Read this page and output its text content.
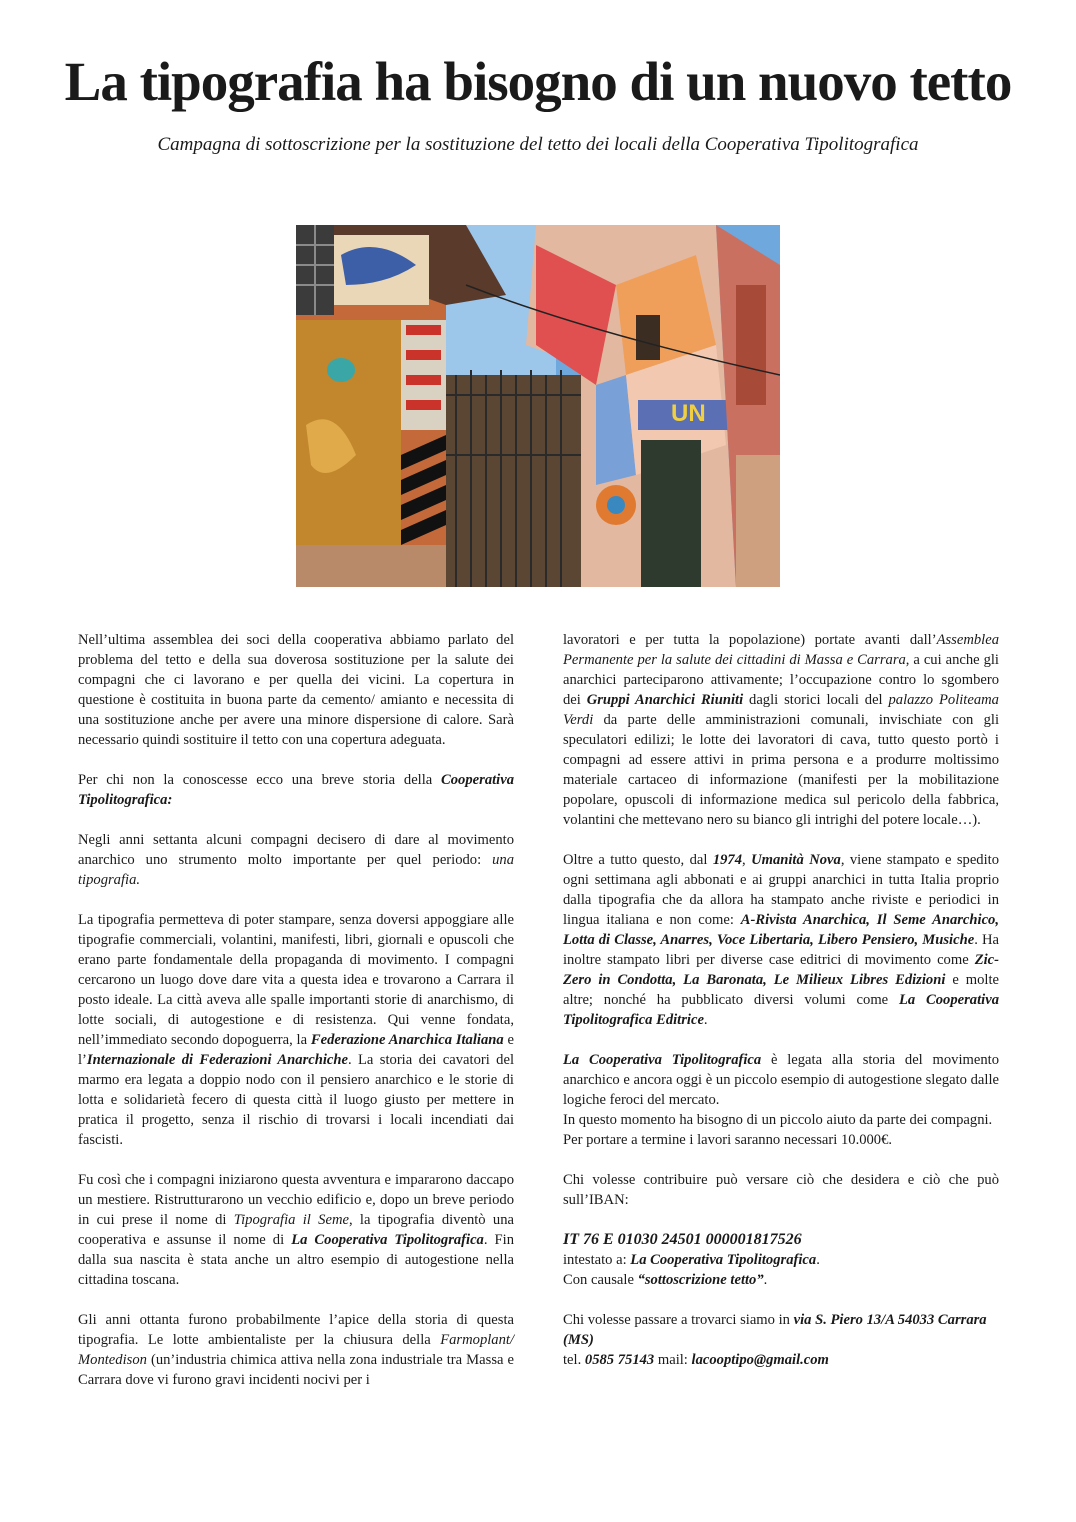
La tipografia ha bisogno di un nuovo tetto

Campagna di sottoscrizione per la sostituzione del tetto dei locali della Cooperativa Tipolitografica

UN

Nell’ultima assemblea dei soci della cooperativa abbiamo parlato del problema del tetto e della sua doverosa sostituzione per la salute dei compagni che ci lavorano e per quella dei vicini. La copertura in questione è costituita in buona parte da cemento/ amianto e necessita di una sostituzione anche per avere una minore dispersione di calore. Sarà necessario quindi sostituire il tetto con una copertura adeguata.

Per chi non la conoscesse ecco una breve storia della Cooperativa Tipolitografica:

Negli anni settanta alcuni compagni decisero di dare al movimento anarchico uno strumento molto importante per quel periodo: una tipografia.

La tipografia permetteva di poter stampare, senza doversi appoggiare alle tipografie commerciali, volantini, manifesti, libri, giornali e opuscoli che erano parte fondamentale della propaganda di movimento. I compagni cercarono un luogo dove dare vita a questa idea e trovarono a Carrara il posto ideale. La città aveva alle spalle importanti storie di anarchismo, di lotte sociali, di autogestione e di resistenza. Qui venne fondata, nell’immediato secondo dopoguerra, la Federazione Anarchica Italiana e l’Internazionale di Federazioni Anarchiche. La storia dei cavatori del marmo era legata a doppio nodo con il pensiero anarchico e le storie di lotta e solidarietà fecero di questa città il luogo giusto per mettere in pratica il progetto, senza il rischio di trovarsi i locali incendiati dai fascisti.

Fu così che i compagni iniziarono questa avventura e impararono daccapo un mestiere. Ristrutturarono un vecchio edificio e, dopo un breve periodo in cui prese il nome di Tipografia il Seme, la tipografia diventò una cooperativa e assunse il nome di La Cooperativa Tipolitografica. Fin dalla sua nascita è stata anche un altro esempio di autogestione nella cittadina toscana.

Gli anni ottanta furono probabilmente l’apice della storia di questa tipografia. Le lotte ambientaliste per la chiusura della Farmoplant/ Montedison (un’industria chimica attiva nella zona industriale tra Massa e Carrara dove vi furono gravi incidenti nocivi per i

lavoratori e per tutta la popolazione) portate avanti dall’Assemblea Permanente per la salute dei cittadini di Massa e Carrara, a cui anche gli anarchici parteciparono attivamente; l’occupazione contro lo sgombero dei Gruppi Anarchici Riuniti dagli storici locali del palazzo Politeama Verdi da parte delle amministrazioni comunali, invischiate con gli speculatori edilizi; le lotte dei lavoratori di cava, tutto questo portò i compagni ad essere attivi in prima persona e a produrre moltissimo materiale cartaceo di informazione (manifesti per la mobilitazione popolare, opuscoli di informazione medica sul pericolo della fabbrica, volantini che mettevano nero su bianco gli intrighi del potere locale…).

Oltre a tutto questo, dal 1974, Umanità Nova, viene stampato e spedito ogni settimana agli abbonati e ai gruppi anarchici in tutta Italia proprio dalla tipografia che da allora ha stampato anche riviste e periodici in lingua italiana e non come: A-Rivista Anarchica, Il Seme Anarchico, Lotta di Classe, Anarres, Voce Libertaria, Libero Pensiero, Musiche. Ha inoltre stampato libri per diverse case editrici di movimento come Zic-Zero in Condotta, La Baronata, Le Milieux Libres Edizioni e molte altre; nonché ha pubblicato diversi volumi come La Cooperativa Tipolitografica Editrice.

La Cooperativa Tipolitografica è legata alla storia del movimento anarchico e ancora oggi è un piccolo esempio di autogestione slegato dalle logiche feroci del mercato.

In questo momento ha bisogno di un piccolo aiuto da parte dei compagni.

Per portare a termine i lavori saranno necessari 10.000€.

Chi volesse contribuire può versare ciò che desidera e ciò che può sull’IBAN:

IT 76 E 01030 24501 000001817526

intestato a: La Cooperativa Tipolitografica.

Con causale “sottoscrizione tetto”.

Chi volesse passare a trovarci siamo in via S. Piero 13/A 54033 Carrara (MS)

tel. 0585 75143 mail: lacooptipo@gmail.com
